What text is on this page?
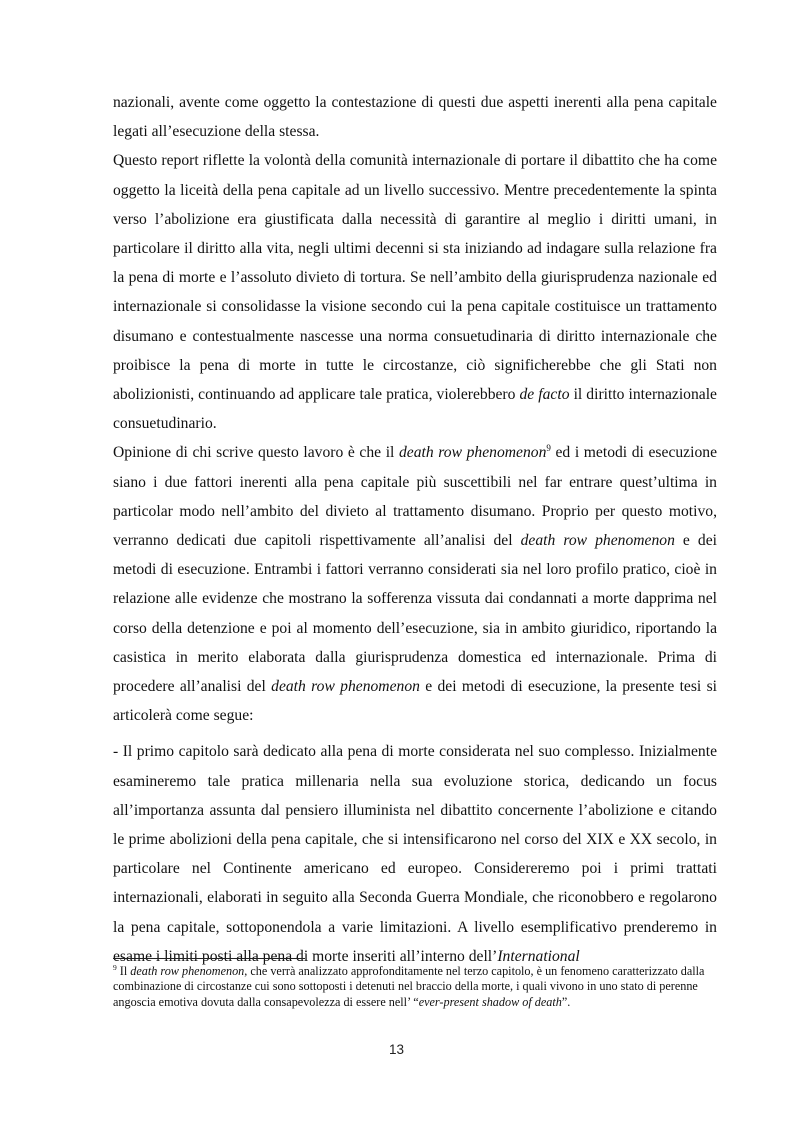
nazionali, avente come oggetto la contestazione di questi due aspetti inerenti alla pena capitale legati all’esecuzione della stessa.

Questo report riflette la volontà della comunità internazionale di portare il dibattito che ha come oggetto la liceità della pena capitale ad un livello successivo. Mentre precedentemente la spinta verso l’abolizione era giustificata dalla necessità di garantire al meglio i diritti umani, in particolare il diritto alla vita, negli ultimi decenni si sta iniziando ad indagare sulla relazione fra la pena di morte e l’assoluto divieto di tortura. Se nell’ambito della giurisprudenza nazionale ed internazionale si consolidasse la visione secondo cui la pena capitale costituisce un trattamento disumano e contestualmente nascesse una norma consuetudinaria di diritto internazionale che proibisce la pena di morte in tutte le circostanze, ciò significherebbe che gli Stati non abolizionisti, continuando ad applicare tale pratica, violerebbero de facto il diritto internazionale consuetudinario.

Opinione di chi scrive questo lavoro è che il death row phenomenon$^9$ ed i metodi di esecuzione siano i due fattori inerenti alla pena capitale più suscettibili nel far entrare quest’ultima in particolar modo nell’ambito del divieto al trattamento disumano. Proprio per questo motivo, verranno dedicati due capitoli rispettivamente all’analisi del death row phenomenon e dei metodi di esecuzione. Entrambi i fattori verranno considerati sia nel loro profilo pratico, cioè in relazione alle evidenze che mostrano la sofferenza vissuta dai condannati a morte dapprima nel corso della detenzione e poi al momento dell’esecuzione, sia in ambito giuridico, riportando la casistica in merito elaborata dalla giurisprudenza domestica ed internazionale. Prima di procedere all’analisi del death row phenomenon e dei metodi di esecuzione, la presente tesi si articolerà come segue:

- Il primo capitolo sarà dedicato alla pena di morte considerata nel suo complesso. Inizialmente esamineremo tale pratica millenaria nella sua evoluzione storica, dedicando un focus all’importanza assunta dal pensiero illuminista nel dibattito concernente l’abolizione e citando le prime abolizioni della pena capitale, che si intensificarono nel corso del XIX e XX secolo, in particolare nel Continente americano ed europeo. Considereremo poi i primi trattati internazionali, elaborati in seguito alla Seconda Guerra Mondiale, che riconobbero e regolarono la pena capitale, sottoponendola a varie limitazioni. A livello esemplificativo prenderemo in esame i limiti posti alla pena di morte inseriti all’interno dell’International

$^9$ Il death row phenomenon, che verrà analizzato approfonditamente nel terzo capitolo, è un fenomeno caratterizzato dalla combinazione di circostanze cui sono sottoposti i detenuti nel braccio della morte, i quali vivono in uno stato di perenne angoscia emotiva dovuta dalla consapevolezza di essere nell’ “ever-present shadow of death”.
13
